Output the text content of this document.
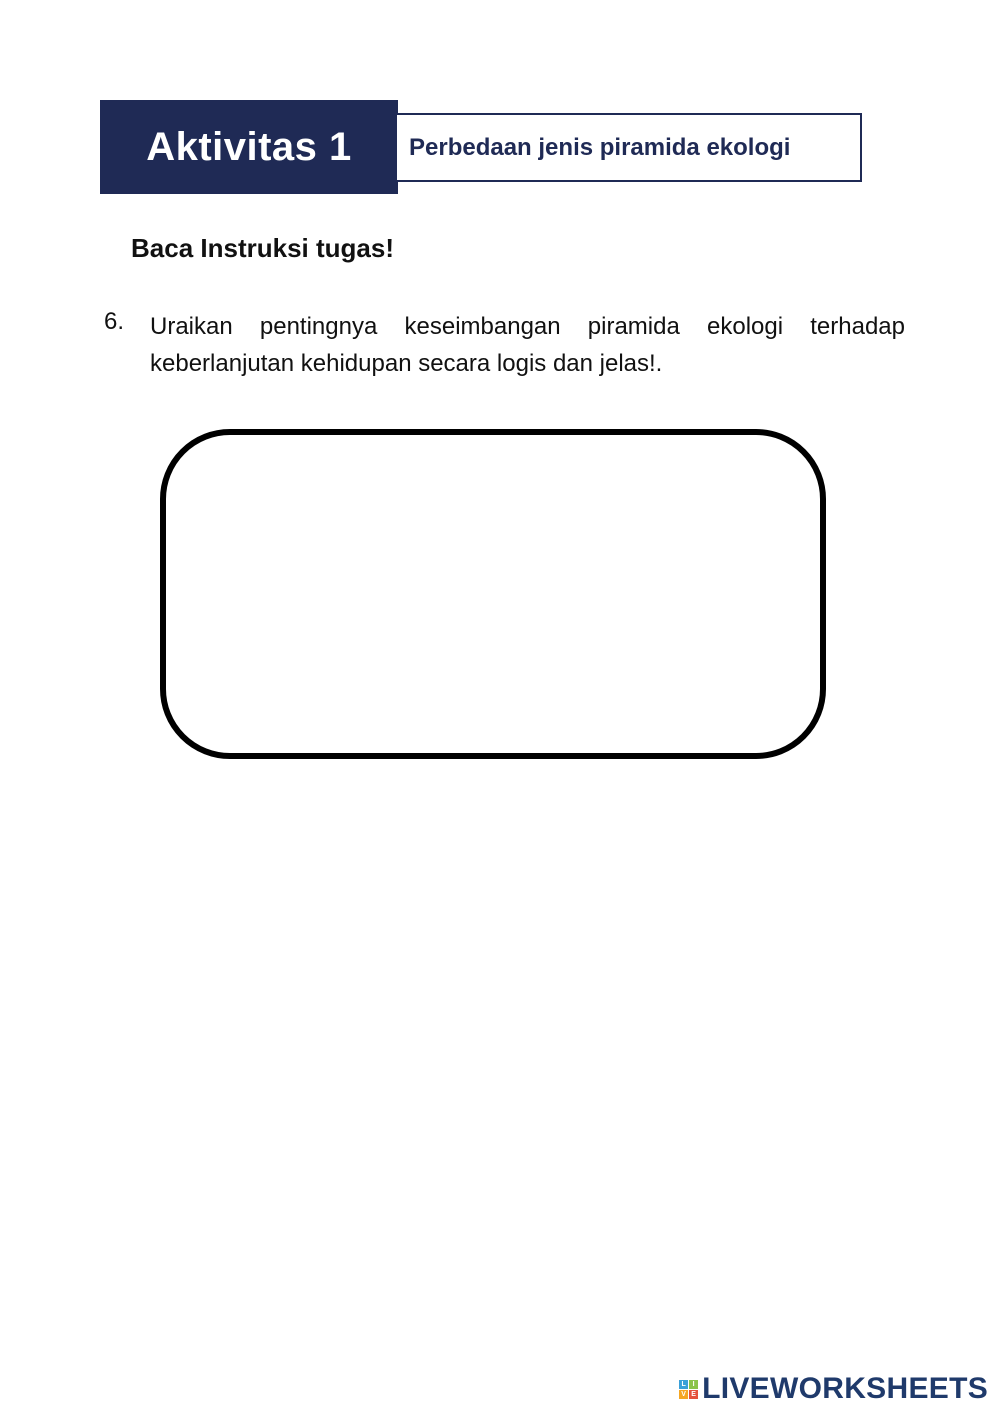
Aktivitas 1 Perbedaan jenis piramida ekologi
Baca Instruksi tugas!
6. Uraikan pentingnya keseimbangan piramida ekologi terhadap keberlanjutan kehidupan secara logis dan jelas!.
L I
V E LIVEWORKSHEETS
